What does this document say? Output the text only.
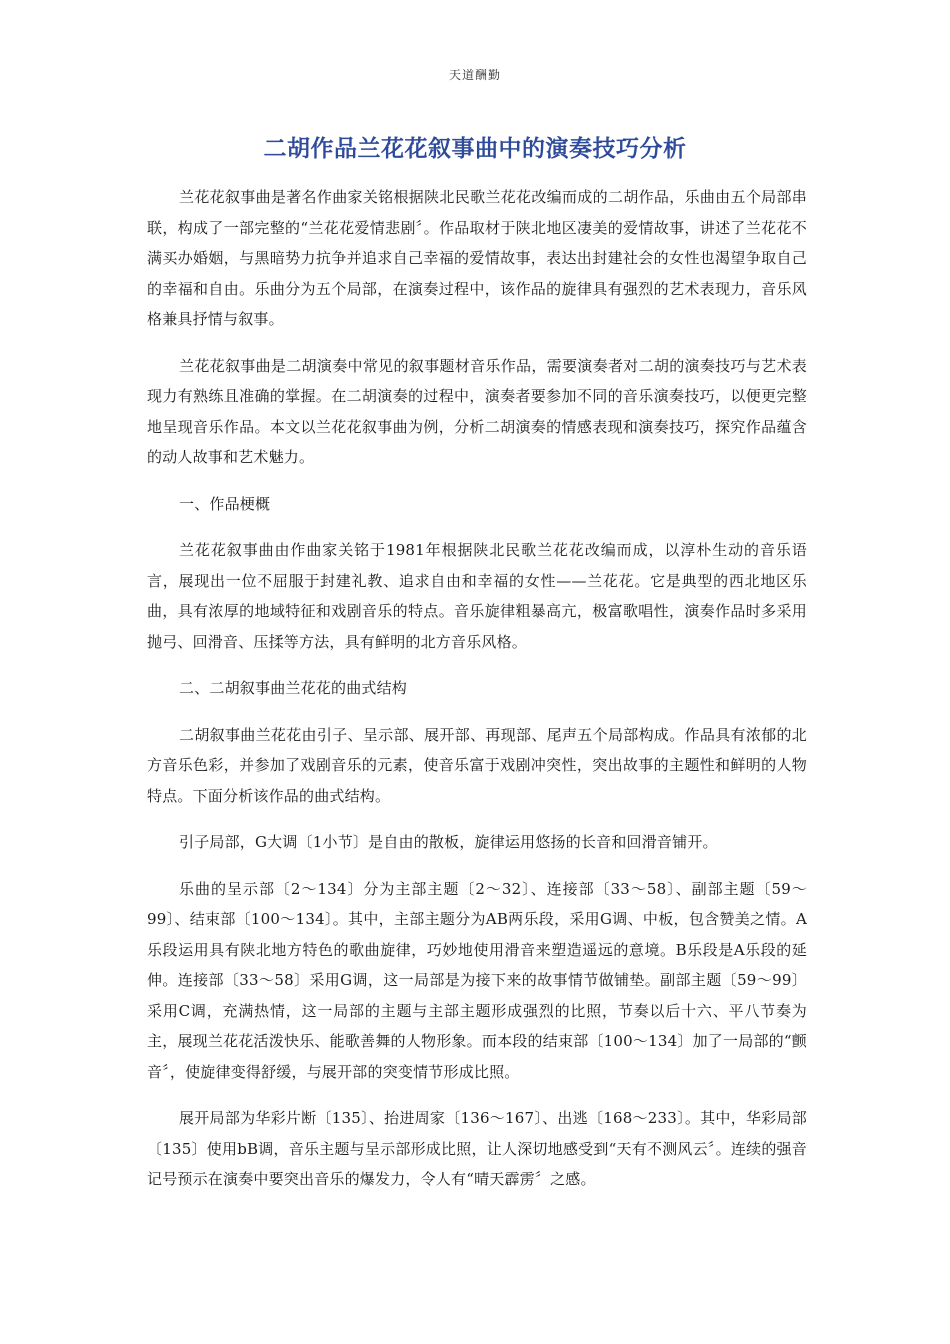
天道酬勤
二胡作品兰花花叙事曲中的演奏技巧分析

兰花花叙事曲是著名作曲家关铭根据陕北民歌兰花花改编而成的二胡作品，乐曲由五个局部串联，构成了一部完整的“兰花花爱情悲剧〞。作品取材于陕北地区凄美的爱情故事，讲述了兰花花不满买办婚姻，与黑暗势力抗争并追求自己幸福的爱情故事，表达出封建社会的女性也渴望争取自己的幸福和自由。乐曲分为五个局部，在演奏过程中，该作品的旋律具有强烈的艺术表现力，音乐风格兼具抒情与叙事。

兰花花叙事曲是二胡演奏中常见的叙事题材音乐作品，需要演奏者对二胡的演奏技巧与艺术表现力有熟练且准确的掌握。在二胡演奏的过程中，演奏者要参加不同的音乐演奏技巧，以便更完整地呈现音乐作品。本文以兰花花叙事曲为例，分析二胡演奏的情感表现和演奏技巧，探究作品蕴含的动人故事和艺术魅力。

一、作品梗概

兰花花叙事曲由作曲家关铭于1981年根据陕北民歌兰花花改编而成，以淳朴生动的音乐语言，展现出一位不屈服于封建礼教、追求自由和幸福的女性——兰花花。它是典型的西北地区乐曲，具有浓厚的地域特征和戏剧音乐的特点。音乐旋律粗暴高亢，极富歌唱性，演奏作品时多采用抛弓、回滑音、压揉等方法，具有鲜明的北方音乐风格。

二、二胡叙事曲兰花花的曲式结构

二胡叙事曲兰花花由引子、呈示部、展开部、再现部、尾声五个局部构成。作品具有浓郁的北方音乐色彩，并参加了戏剧音乐的元素，使音乐富于戏剧冲突性，突出故事的主题性和鲜明的人物特点。下面分析该作品的曲式结构。

引子局部，G大调〔1小节〕是自由的散板，旋律运用悠扬的长音和回滑音铺开。

乐曲的呈示部〔2～134〕分为主部主题〔2～32〕、连接部〔33～58〕、副部主题〔59～99〕、结束部〔100～134〕。其中，主部主题分为AB两乐段，采用G调、中板，包含赞美之情。A乐段运用具有陕北地方特色的歌曲旋律，巧妙地使用滑音来塑造遥远的意境。B乐段是A乐段的延伸。连接部〔33～58〕采用G调，这一局部是为接下来的故事情节做铺垫。副部主题〔59～99〕采用C调，充满热情，这一局部的主题与主部主题形成强烈的比照，节奏以后十六、平八节奏为主，展现兰花花活泼快乐、能歌善舞的人物形象。而本段的结束部〔100～134〕加了一局部的“颤音〞，使旋律变得舒缓，与展开部的突变情节形成比照。

展开局部为华彩片断〔135〕、抬进周家〔136～167〕、出逃〔168～233〕。其中，华彩局部〔135〕使用bB调，音乐主题与呈示部形成比照，让人深切地感受到“天有不测风云〞。连续的强音记号预示在演奏中要突出音乐的爆发力，令人有“晴天霹雳〞之感。
